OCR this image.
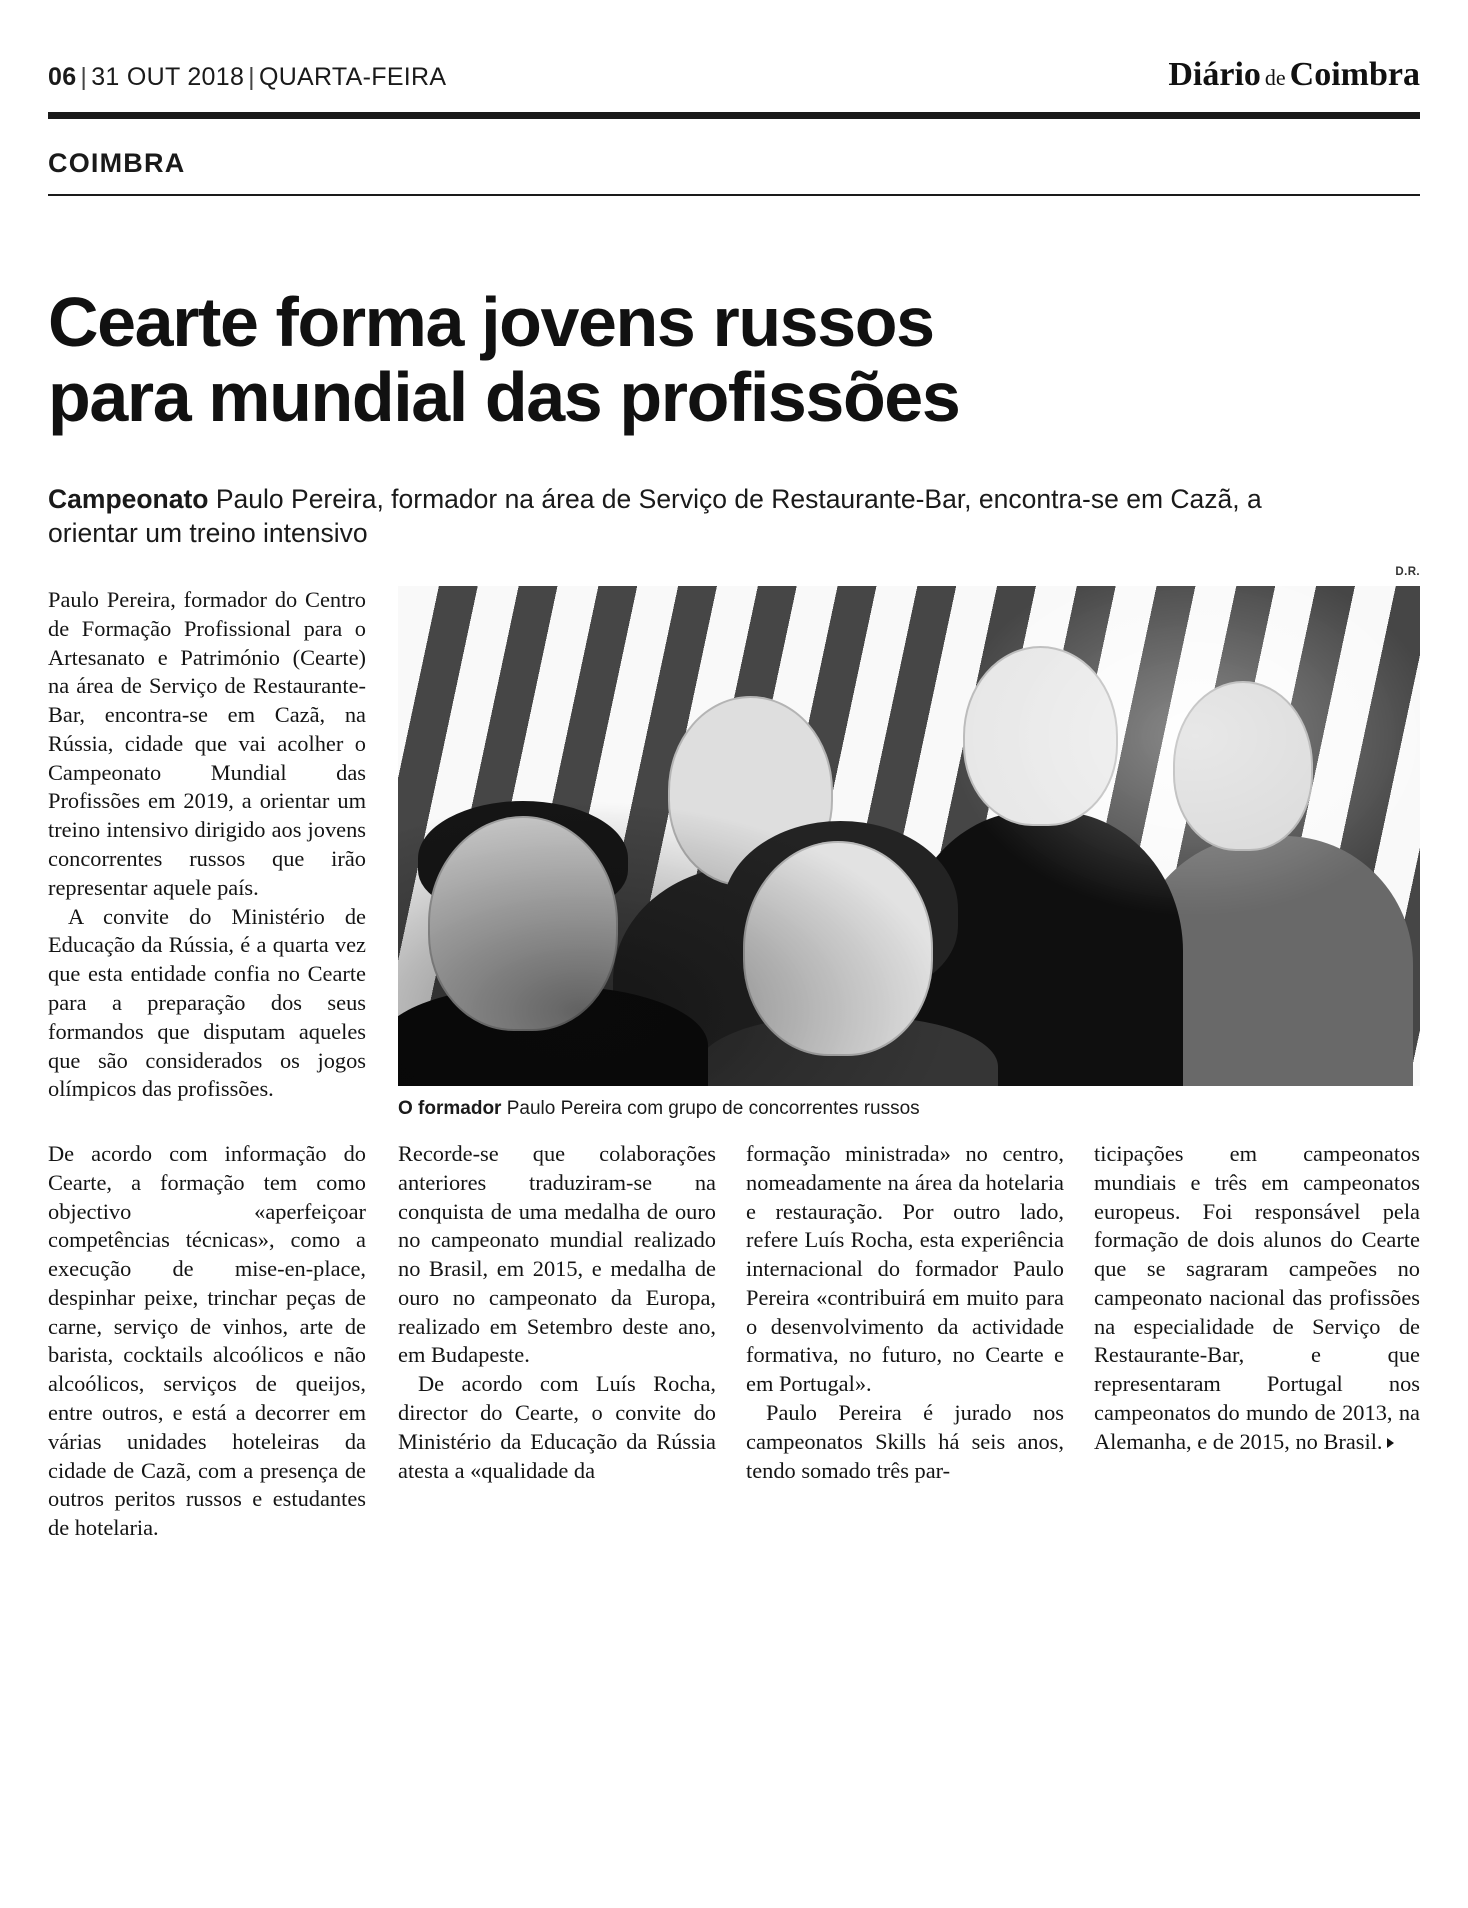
06 | 31 OUT 2018 | QUARTA-FEIRA	Diário de Coimbra
COIMBRA
Cearte forma jovens russos
para mundial das profissões
Campeonato Paulo Pereira, formador na área de Serviço de Restaurante-Bar, encontra-se em Cazã, a orientar um treino intensivo
D.R.
O formador Paulo Pereira com grupo de concorrentes russos

Paulo Pereira, formador do Centro de Formação Profissional para o Artesanato e Património (Cearte) na área de Serviço de Restaurante-Bar, encontra-se em Cazã, na Rússia, cidade que vai acolher o Campeonato Mundial das Profissões em 2019, a orientar um treino intensivo dirigido aos jovens concorrentes russos que irão representar aquele país.

A convite do Ministério de Educação da Rússia, é a quarta vez que esta entidade confia no Cearte para a preparação dos seus formandos que disputam aqueles que são considerados os jogos olímpicos das profissões.

De acordo com informação do Cearte, a formação tem como objectivo «aperfeiçoar competências técnicas», como a execução de mise-en-place, despinhar peixe, trinchar peças de carne, serviço de vinhos, arte de barista, cocktails alcoólicos e não alcoólicos, serviços de queijos, entre outros, e está a decorrer em várias unidades hoteleiras da cidade de Cazã, com a presença de outros peritos russos e estudantes de hotelaria.

Recorde-se que colaborações anteriores traduziram-se na conquista de uma medalha de ouro no campeonato mundial realizado no Brasil, em 2015, e medalha de ouro no campeonato da Europa, realizado em Setembro deste ano, em Budapeste.

De acordo com Luís Rocha, director do Cearte, o convite do Ministério da Educação da Rússia atesta a «qualidade da

formação ministrada» no centro, nomeadamente na área da hotelaria e restauração. Por outro lado, refere Luís Rocha, esta experiência internacional do formador Paulo Pereira «contribuirá em muito para o desenvolvimento da actividade formativa, no futuro, no Cearte e em Portugal».

Paulo Pereira é jurado nos campeonatos Skills há seis anos, tendo somado três par-

ticipações em campeonatos mundiais e três em campeonatos europeus. Foi responsável pela formação de dois alunos do Cearte que se sagraram campeões no campeonato nacional das profissões na especialidade de Serviço de Restaurante-Bar, e que representaram Portugal nos campeonatos do mundo de 2013, na Alemanha, e de 2015, no Brasil.
